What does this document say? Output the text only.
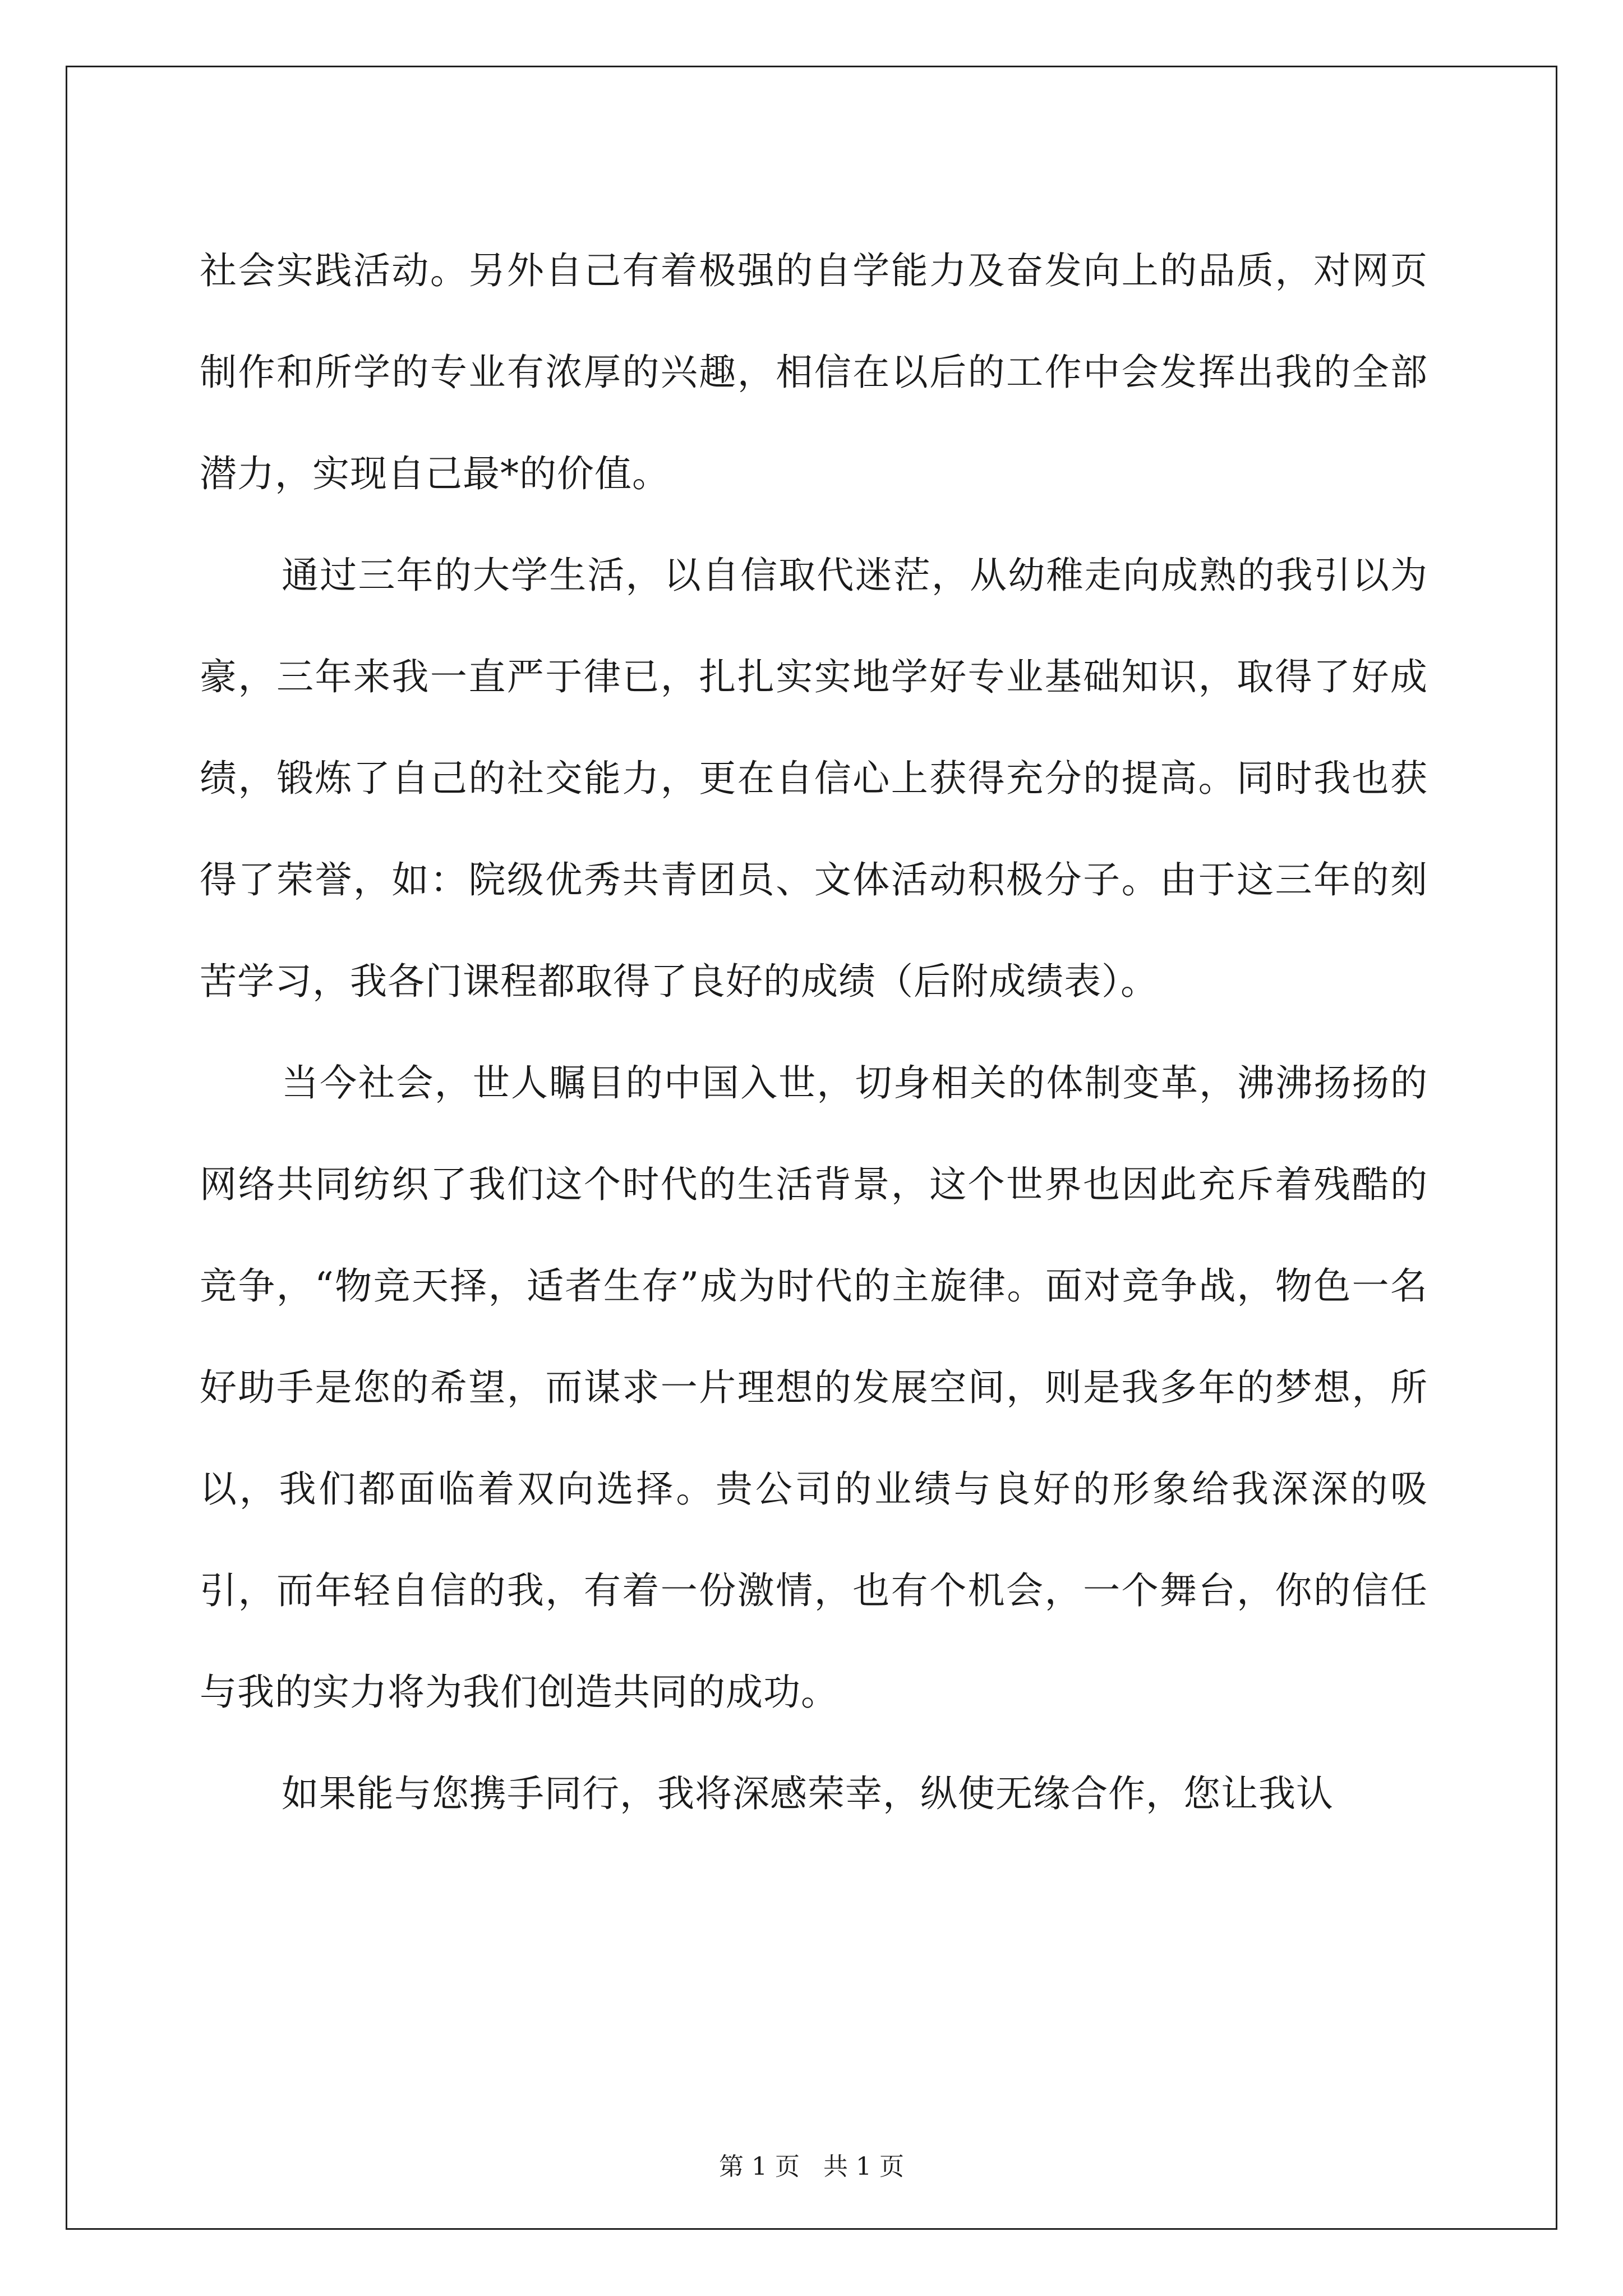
社会实践活动。另外自己有着极强的自学能力及奋发向上的品质，对网页制作和所学的专业有浓厚的兴趣，相信在以后的工作中会发挥出我的全部潜力，实现自己最*的价值。

通过三年的大学生活，以自信取代迷茫，从幼稚走向成熟的我引以为豪，三年来我一直严于律已，扎扎实实地学好专业基础知识，取得了好成绩，锻炼了自己的社交能力，更在自信心上获得充分的提高。同时我也获得了荣誉，如：院级优秀共青团员、文体活动积极分子。由于这三年的刻苦学习，我各门课程都取得了良好的成绩（后附成绩表）。

当今社会，世人瞩目的中国入世，切身相关的体制变革，沸沸扬扬的网络共同纺织了我们这个时代的生活背景，这个世界也因此充斥着残酷的竞争，“物竞天择，适者生存”成为时代的主旋律。面对竞争战，物色一名好助手是您的希望，而谋求一片理想的发展空间，则是我多年的梦想，所以，我们都面临着双向选择。贵公司的业绩与良好的形象给我深深的吸引，而年轻自信的我，有着一份激情，也有个机会，一个舞台，你的信任与我的实力将为我们创造共同的成功。

如果能与您携手同行，我将深感荣幸，纵使无缘合作，您让我认

第 1 页   共 1 页
